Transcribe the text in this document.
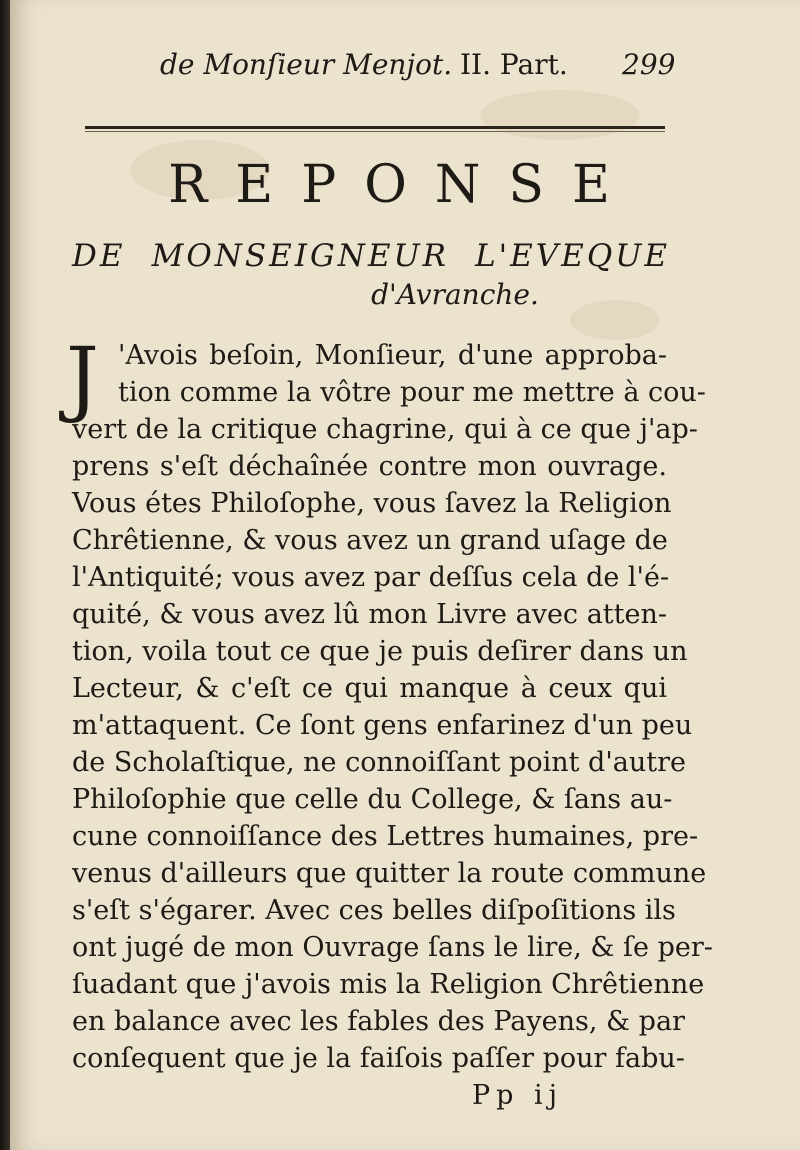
de Monſieur Menjot. II. Part. 299
REPONSE
DE MONSEIGNEUR L'EVEQUE
d'Avranche.
J 'Avois beſoin, Monſieur, d'une approba-
tion comme la vôtre pour me mettre à cou-
vert de la critique chagrine, qui à ce que j'ap-
prens s'eſt déchaînée contre mon ouvrage.
Vous étes Philoſophe, vous ſavez la Religion
Chrêtienne, & vous avez un grand uſage de
l'Antiquité; vous avez par deſſus cela de l'é-
quité, & vous avez lû mon Livre avec atten-
tion, voila tout ce que je puis deſirer dans un
Lecteur, & c'eſt ce qui manque à ceux qui
m'attaquent. Ce ſont gens enfarinez d'un peu
de Scholaſtique, ne connoiſſant point d'autre
Philoſophie que celle du College, & ſans au-
cune connoiſſance des Lettres humaines, pre-
venus d'ailleurs que quitter la route commune
s'eſt s'égarer. Avec ces belles diſpoſitions ils
ont jugé de mon Ouvrage ſans le lire, & ſe per-
ſuadant que j'avois mis la Religion Chrêtienne
en balance avec les fables des Payens, & par
conſequent que je la faiſois paſſer pour fabu-
Pp ij
